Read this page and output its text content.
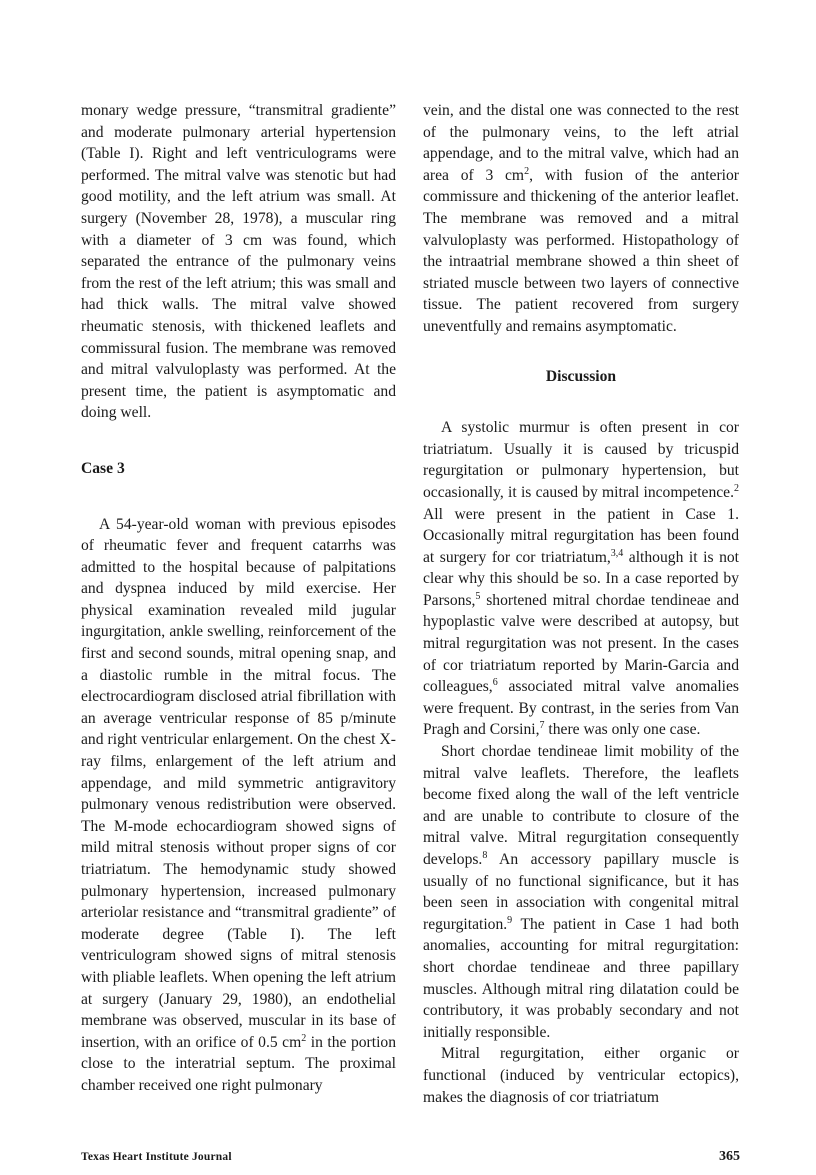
monary wedge pressure, “transmitral gradiente” and moderate pulmonary arterial hypertension (Table I). Right and left ventriculograms were performed. The mitral valve was stenotic but had good motility, and the left atrium was small. At surgery (November 28, 1978), a muscular ring with a diameter of 3 cm was found, which separated the entrance of the pulmonary veins from the rest of the left atrium; this was small and had thick walls. The mitral valve showed rheumatic stenosis, with thickened leaflets and commissural fusion. The membrane was removed and mitral valvuloplasty was performed. At the present time, the patient is asymptomatic and doing well.

Case 3

A 54-year-old woman with previous episodes of rheumatic fever and frequent catarrhs was admitted to the hospital because of palpitations and dyspnea induced by mild exercise. Her physical examination revealed mild jugular ingurgitation, ankle swelling, reinforcement of the first and second sounds, mitral opening snap, and a diastolic rumble in the mitral focus. The electrocardiogram disclosed atrial fibrillation with an average ventricular response of 85 p/minute and right ventricular enlargement. On the chest X-ray films, enlargement of the left atrium and appendage, and mild symmetric antigravitory pulmonary venous redistribution were observed. The M-mode echocardiogram showed signs of mild mitral stenosis without proper signs of cor triatriatum. The hemodynamic study showed pulmonary hypertension, increased pulmonary arteriolar resistance and “transmitral gradiente” of moderate degree (Table I). The left ventriculogram showed signs of mitral stenosis with pliable leaflets. When opening the left atrium at surgery (January 29, 1980), an endothelial membrane was observed, muscular in its base of insertion, with an orifice of 0.5 $cm^2$ in the portion close to the interatrial septum. The proximal chamber received one right pulmonary

vein, and the distal one was connected to the rest of the pulmonary veins, to the left atrial appendage, and to the mitral valve, which had an area of 3 $cm^2$, with fusion of the anterior commissure and thickening of the anterior leaflet. The membrane was removed and a mitral valvuloplasty was performed. Histopathology of the intraatrial membrane showed a thin sheet of striated muscle between two layers of connective tissue. The patient recovered from surgery uneventfully and remains asymptomatic.

Discussion

A systolic murmur is often present in cor triatriatum. Usually it is caused by tricuspid regurgitation or pulmonary hypertension, but occasionally, it is caused by mitral incompetence.$^2$ All were present in the patient in Case 1. Occasionally mitral regurgitation has been found at surgery for cor triatriatum,$^{3,4}$ although it is not clear why this should be so. In a case reported by Parsons,$^5$ shortened mitral chordae tendineae and hypoplastic valve were described at autopsy, but mitral regurgitation was not present. In the cases of cor triatriatum reported by Marin-Garcia and colleagues,$^6$ associated mitral valve anomalies were frequent. By contrast, in the series from Van Pragh and Corsini,$^7$ there was only one case.

Short chordae tendineae limit mobility of the mitral valve leaflets. Therefore, the leaflets become fixed along the wall of the left ventricle and are unable to contribute to closure of the mitral valve. Mitral regurgitation consequently develops.$^8$ An accessory papillary muscle is usually of no functional significance, but it has been seen in association with congenital mitral regurgitation.$^9$ The patient in Case 1 had both anomalies, accounting for mitral regurgitation: short chordae tendineae and three papillary muscles. Although mitral ring dilatation could be contributory, it was probably secondary and not initially responsible.

Mitral regurgitation, either organic or functional (induced by ventricular ectopics), makes the diagnosis of cor triatriatum

Texas Heart Institute Journal	365
